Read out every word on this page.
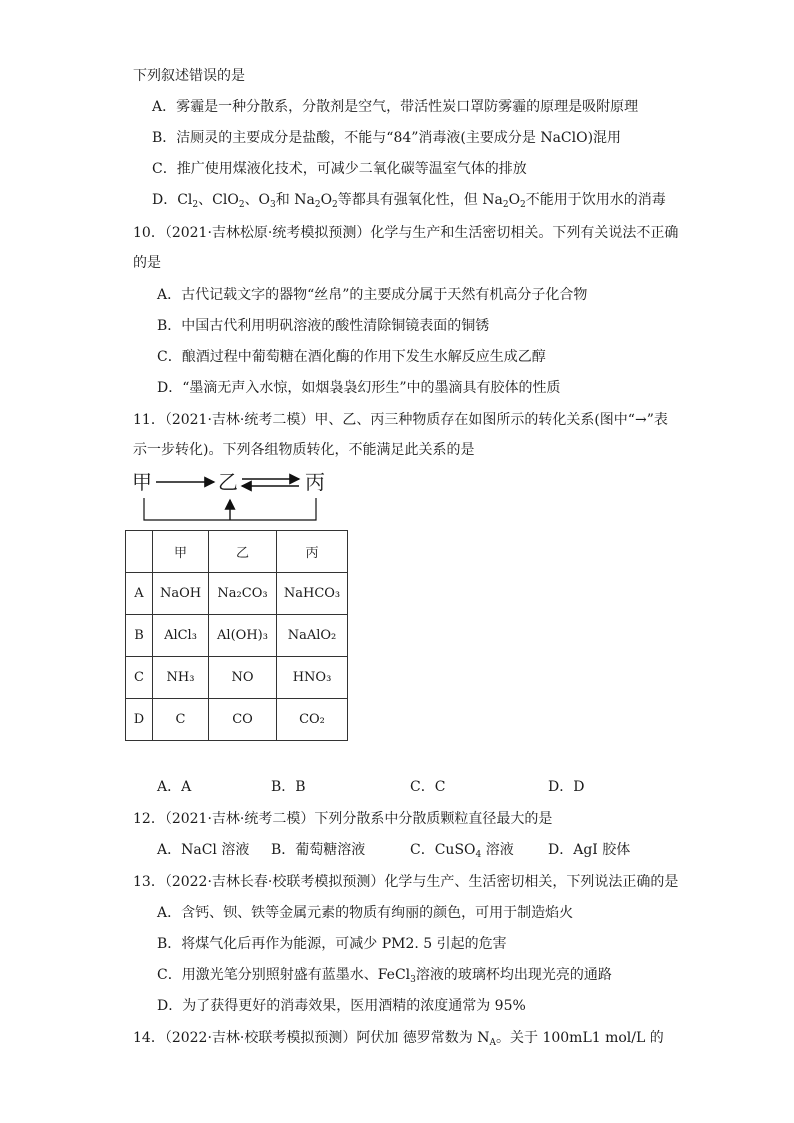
下列叙述错误的是
A．雾霾是一种分散系，分散剂是空气，带活性炭口罩防雾霾的原理是吸附原理
B．洁厕灵的主要成分是盐酸，不能与“84”消毒液(主要成分是 NaClO)混用
C．推广使用煤液化技术，可减少二氧化碳等温室气体的排放
D．$Cl_2$、ClO$_2$、$O_3$和 $Na_2O_2$等都具有强氧化性，但 $Na_2O_2$不能用于饮用水的消毒
10．（2021·吉林松原·统考模拟预测）化学与生产和生活密切相关。下列有关说法不正确
的是
A．古代记载文字的器物“丝帛”的主要成分属于天然有机高分子化合物
B．中国古代利用明矾溶液的酸性清除铜镜表面的铜锈
C．酿酒过程中葡萄糖在酒化酶的作用下发生水解反应生成乙醇
D．“墨滴无声入水惊，如烟袅袅幻形生”中的墨滴具有胶体的性质
11．（2021·吉林·统考二模）甲、乙、丙三种物质存在如图所示的转化关系(图中“→”表
示一步转化)。下列各组物质转化，不能满足此关系的是
甲	乙	丙
	甲	乙	丙
A	NaOH	Na₂CO₃	NaHCO₃
B	AlCl₃	Al(OH)₃	NaAlO₂
C	NH₃	NO	HNO₃
D	C	CO	CO₂
A．A	B．B	C．C	D．D
12．（2021·吉林·统考二模）下列分散系中分散质颗粒直径最大的是
A．NaCl 溶液 B．葡萄糖溶液	C．CuSO$_4$ 溶液 D．AgI 胶体
13．（2022·吉林长春·校联考模拟预测）化学与生产、生活密切相关，下列说法正确的是
A．含钙、钡、铁等金属元素的物质有绚丽的颜色，可用于制造焰火
B．将煤气化后再作为能源，可减少 PM2. 5 引起的危害
C．用激光笔分别照射盛有蓝墨水、FeCl$_3$溶液的玻璃杯均出现光亮的通路
D．为了获得更好的消毒效果，医用酒精的浓度通常为 95%
14．（2022·吉林·校联考模拟预测）阿伏加 德罗常数为 $N_A$。关于 100mL1 mol/L 的
